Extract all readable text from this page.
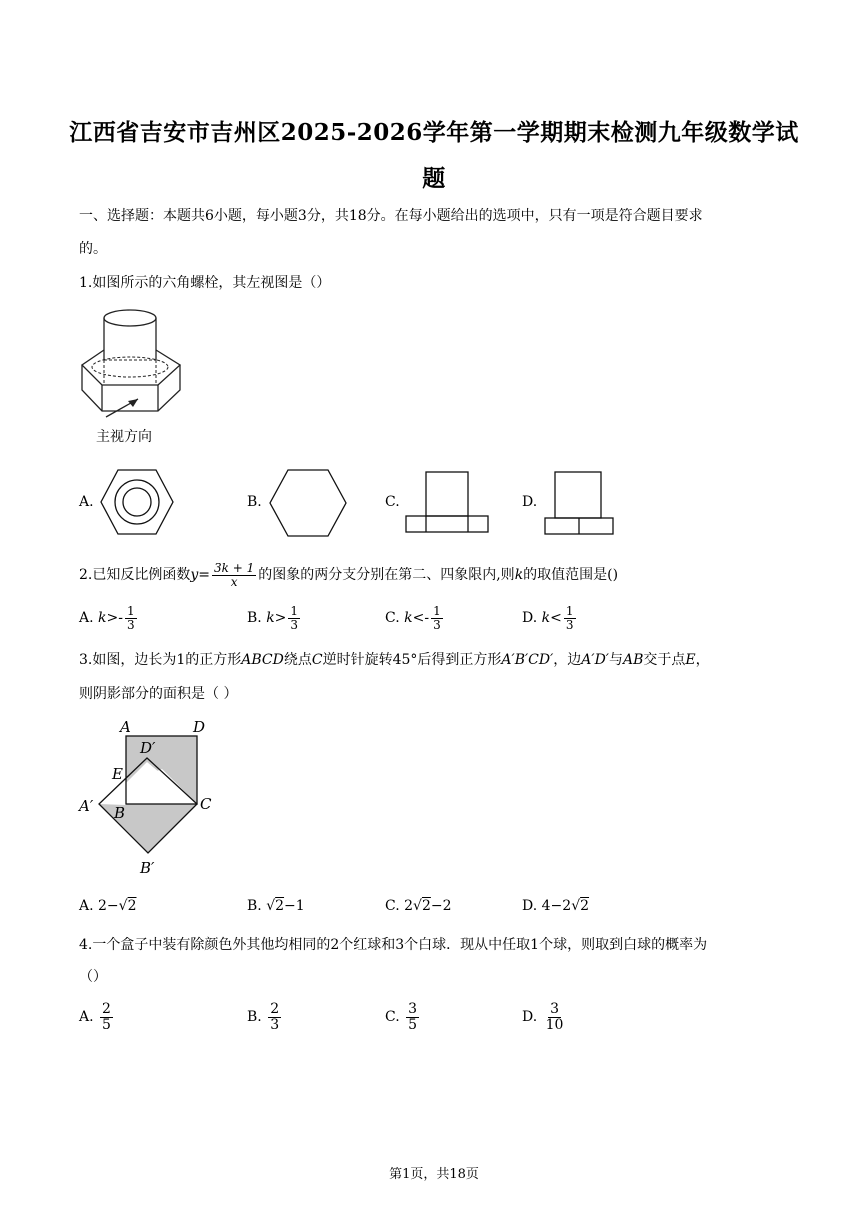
江西省吉安市吉州区2025-2026学年第一学期期末检测九年级数学试
题
一、选择题：本题共6小题，每小题3分，共18分。在每小题给出的选项中，只有一项是符合题目要求
的。
1.如图所示的六角螺栓，其左视图是（）
主视方向
A.	B.	C.	D.
2.已知反比例函数$y= \frac{3k + 1}{x}$ 的图象的两分支分别在第二、四象限内,则k的取值范围是()
A. $k>- \frac{1}{3}$	B. $k> \frac{1}{3}$	C. $k<- \frac{1}{3}$	D. $k< \frac{1}{3}$
3.如图，边长为1的正方形ABCD绕点C逆时针旋转45°后得到正方形A′B′CD′，边A′D′与AB交于点E，
则阴影部分的面积是（ ）
A	D
D′
E
A′ B	C
B′
A. 2−√2	B. √2−1	C. 2√2−2	D. 4−2√2
4.一个盒子中装有除颜色外其他均相同的2个红球和3个白球．现从中任取1个球，则取到白球的概率为
（）
A. $\frac{2}{5}$	B. $\frac{2}{3}$	C. $\frac{3}{5}$	D. $\frac{3}{10}$
第1页，共18页
